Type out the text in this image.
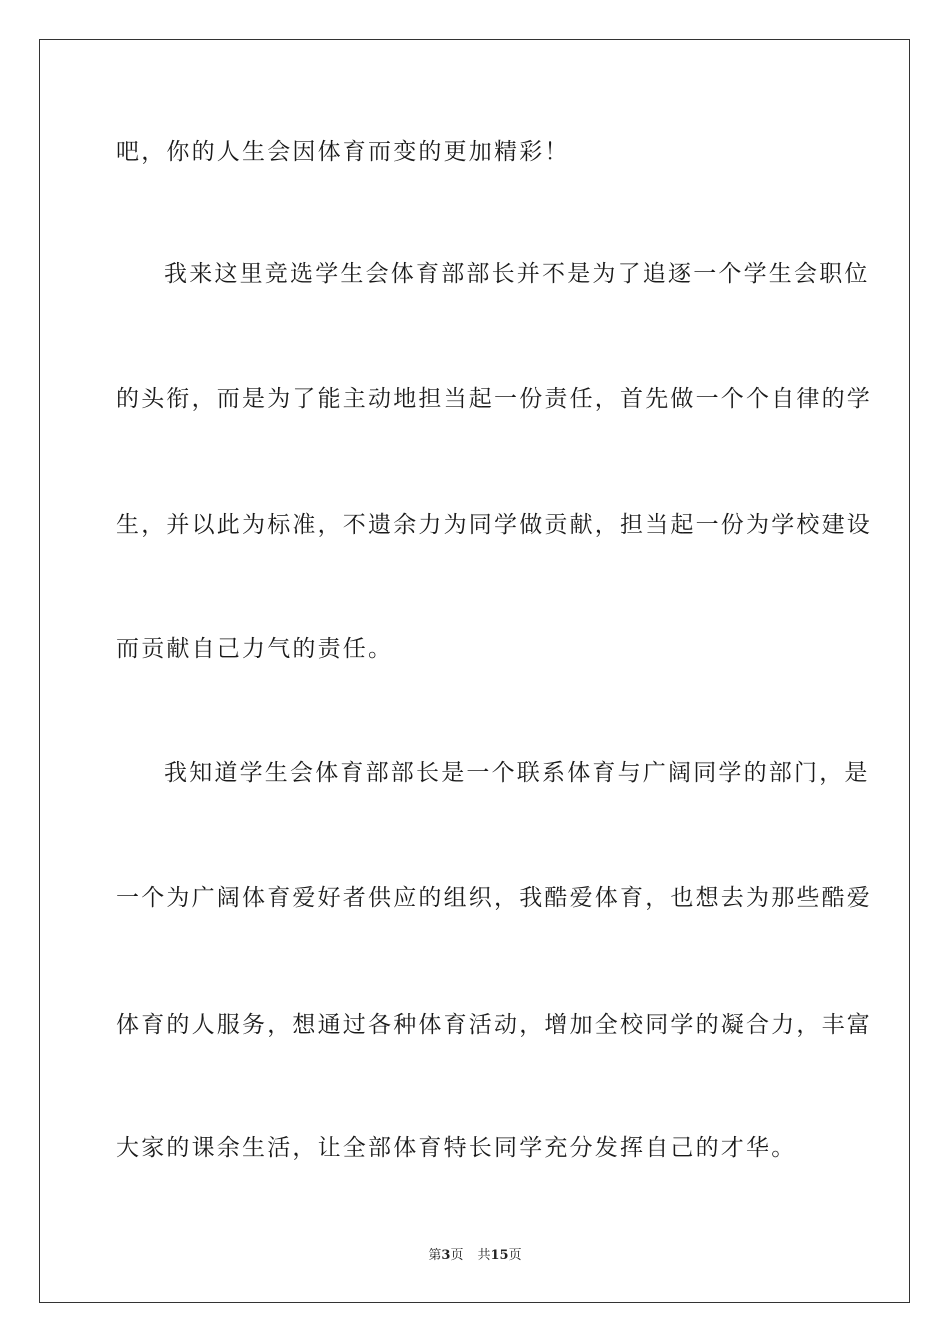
吧，你的人生会因体育而变的更加精彩！
我来这里竞选学生会体育部部长并不是为了追逐一个学生会职位
的头衔，而是为了能主动地担当起一份责任，首先做一个个自律的学
生，并以此为标准，不遗余力为同学做贡献，担当起一份为学校建设
而贡献自己力气的责任。
我知道学生会体育部部长是一个联系体育与广阔同学的部门，是
一个为广阔体育爱好者供应的组织，我酷爱体育，也想去为那些酷爱
体育的人服务，想通过各种体育活动，增加全校同学的凝合力，丰富
大家的课余生活，让全部体育特长同学充分发挥自己的才华。
第3页 共15页
